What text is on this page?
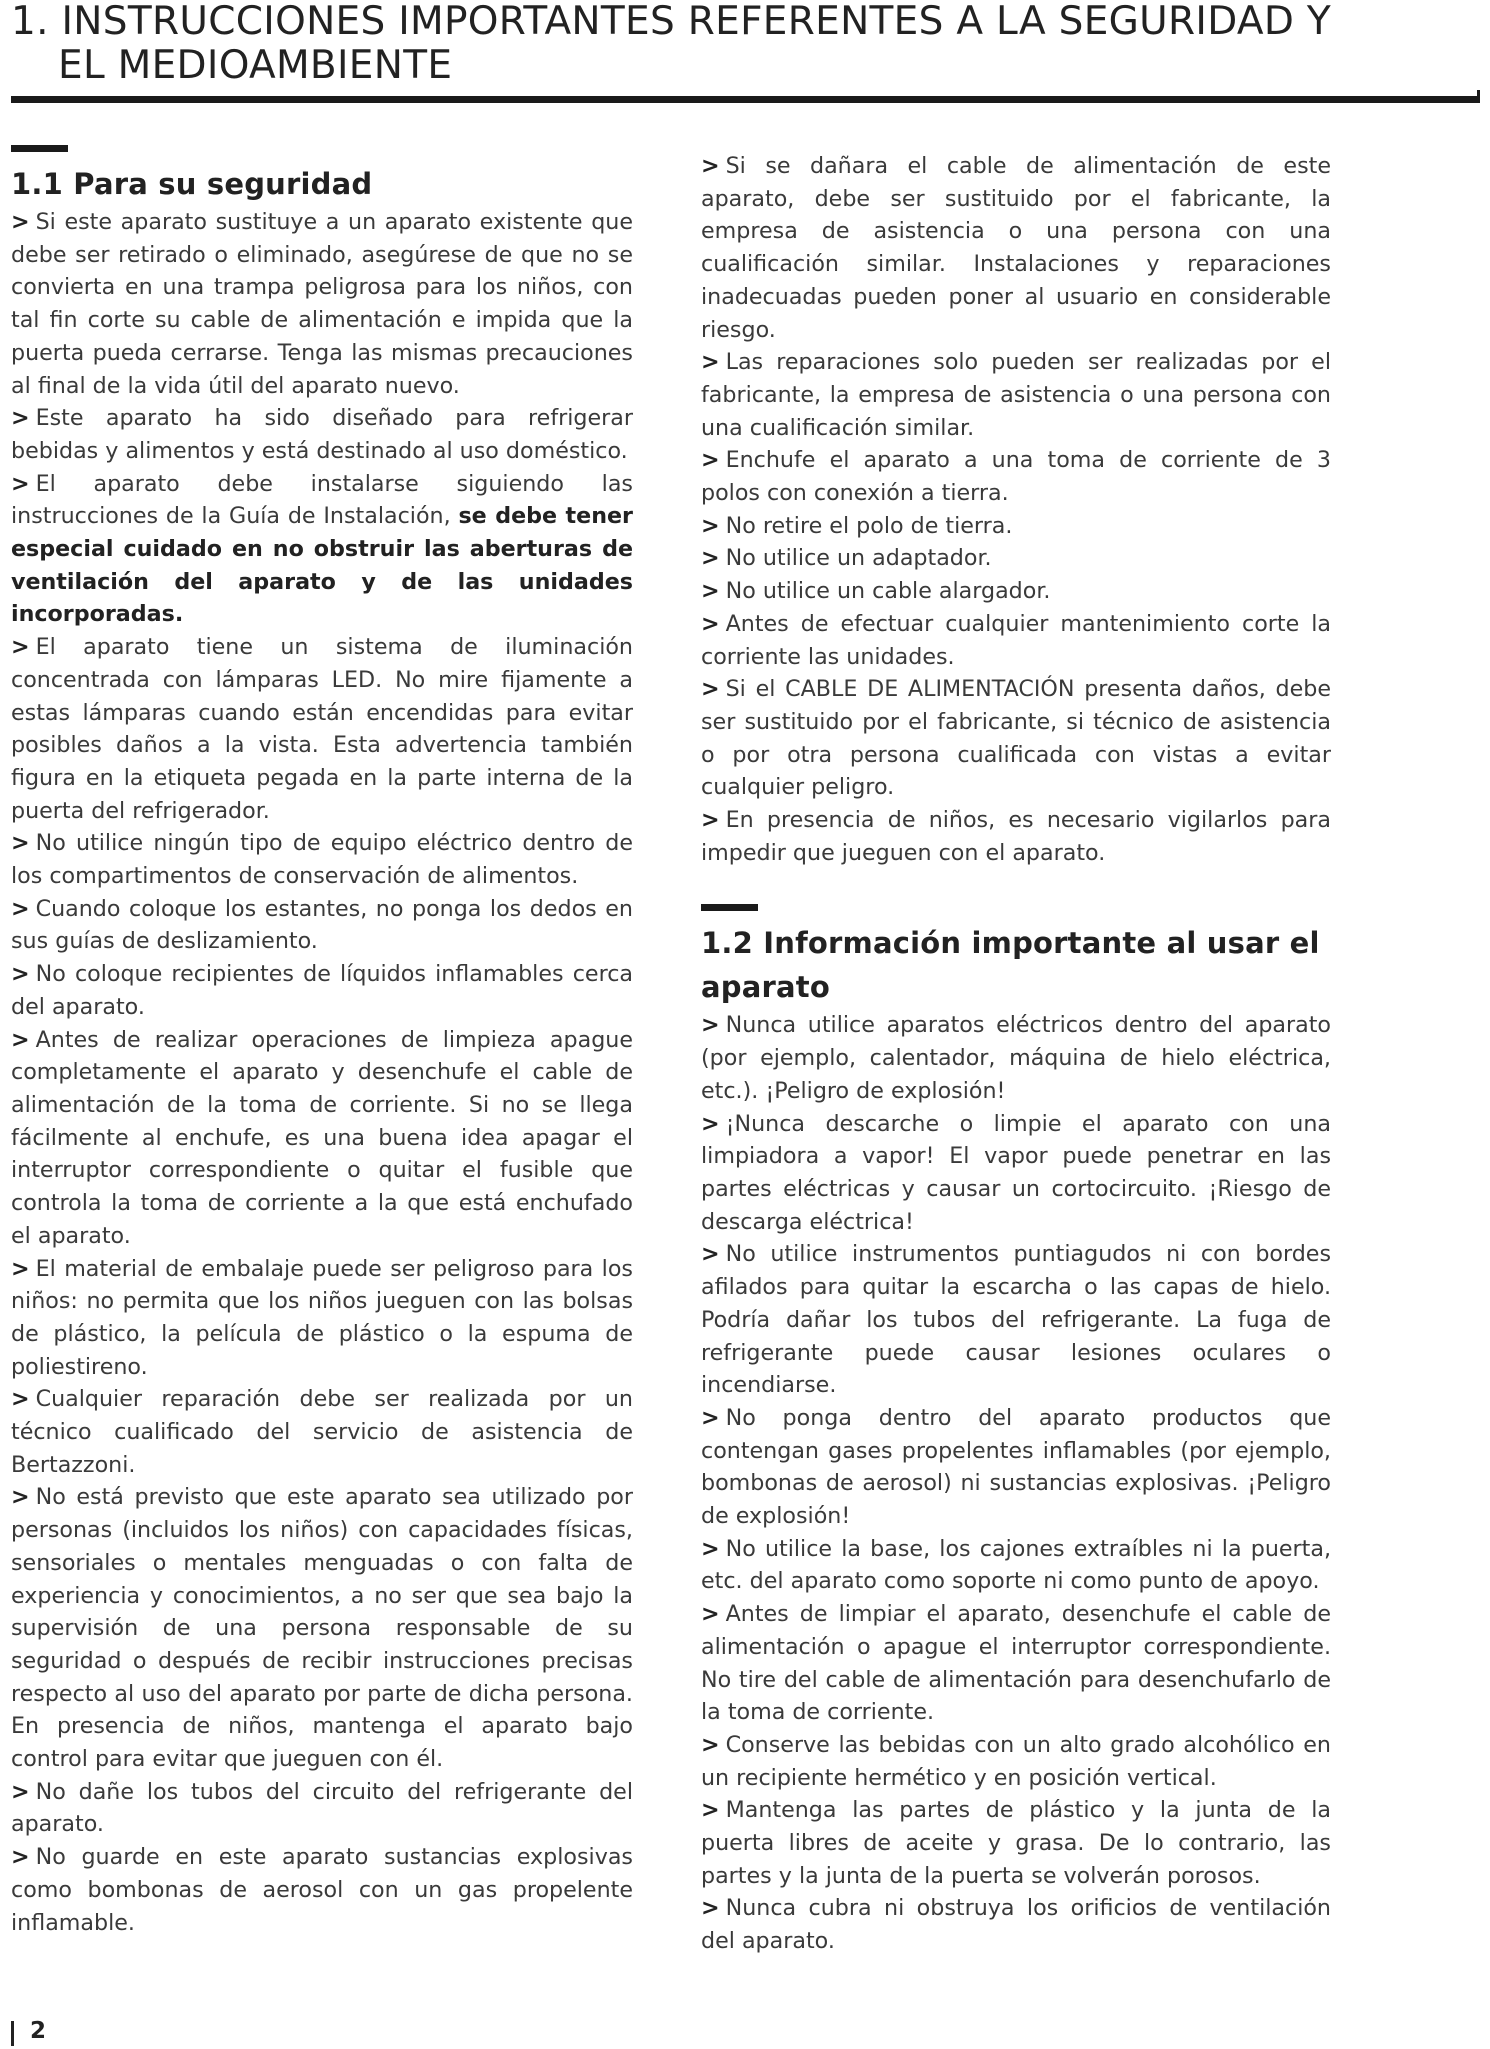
1. INSTRUCCIONES IMPORTANTES REFERENTES A LA SEGURIDAD Y
EL MEDIOAMBIENTE
1.1 Para su seguridad

> Si este aparato sustituye a un aparato existente que debe ser retirado o eliminado, asegúrese de que no se convierta en una trampa peligrosa para los niños, con tal fin corte su cable de alimentación e impida que la puerta pueda cerrarse. Tenga las mismas precauciones al final de la vida útil del aparato nuevo.

> Este aparato ha sido diseñado para refrigerar bebidas y alimentos y está destinado al uso doméstico.

> El aparato debe instalarse siguiendo las instrucciones de la Guía de Instalación, se debe tener especial cuidado en no obstruir las aberturas de ventilación del aparato y de las unidades incorporadas.

> El aparato tiene un sistema de iluminación concentrada con lámparas LED. No mire fijamente a estas lámparas cuando están encendidas para evitar posibles daños a la vista. Esta advertencia también figura en la etiqueta pegada en la parte interna de la puerta del refrigerador.

> No utilice ningún tipo de equipo eléctrico dentro de los compartimentos de conservación de alimentos.

> Cuando coloque los estantes, no ponga los dedos en sus guías de deslizamiento.

> No coloque recipientes de líquidos inflamables cerca del aparato.

> Antes de realizar operaciones de limpieza apague completamente el aparato y desenchufe el cable de alimentación de la toma de corriente. Si no se llega fácilmente al enchufe, es una buena idea apagar el interruptor correspondiente o quitar el fusible que controla la toma de corriente a la que está enchufado el aparato.

> El material de embalaje puede ser peligroso para los niños: no permita que los niños jueguen con las bolsas de plástico, la película de plástico o la espuma de poliestireno.

> Cualquier reparación debe ser realizada por un técnico cualificado del servicio de asistencia de Bertazzoni.

> No está previsto que este aparato sea utilizado por personas (incluidos los niños) con capacidades físicas, sensoriales o mentales menguadas o con falta de experiencia y conocimientos, a no ser que sea bajo la supervisión de una persona responsable de su seguridad o después de recibir instrucciones precisas respecto al uso del aparato por parte de dicha persona. En presencia de niños, mantenga el aparato bajo control para evitar que jueguen con él.

> No dañe los tubos del circuito del refrigerante del aparato.

> No guarde en este aparato sustancias explosivas como bombonas de aerosol con un gas propelente inflamable.

> Si se dañara el cable de alimentación de este aparato, debe ser sustituido por el fabricante, la empresa de asistencia o una persona con una cualificación similar. Instalaciones y reparaciones inadecuadas pueden poner al usuario en considerable riesgo.

> Las reparaciones solo pueden ser realizadas por el fabricante, la empresa de asistencia o una persona con una cualificación similar.

> Enchufe el aparato a una toma de corriente de 3 polos con conexión a tierra.

> No retire el polo de tierra.

> No utilice un adaptador.

> No utilice un cable alargador.

> Antes de efectuar cualquier mantenimiento corte la corriente las unidades.

> Si el CABLE DE ALIMENTACIÓN presenta daños, debe ser sustituido por el fabricante, si técnico de asistencia o por otra persona cualificada con vistas a evitar cualquier peligro.

> En presencia de niños, es necesario vigilarlos para impedir que jueguen con el aparato.

1.2 Información importante al usar el aparato

> Nunca utilice aparatos eléctricos dentro del aparato (por ejemplo, calentador, máquina de hielo eléctrica, etc.). ¡Peligro de explosión!

> ¡Nunca descarche o limpie el aparato con una limpiadora a vapor! El vapor puede penetrar en las partes eléctricas y causar un cortocircuito. ¡Riesgo de descarga eléctrica!

> No utilice instrumentos puntiagudos ni con bordes afilados para quitar la escarcha o las capas de hielo. Podría dañar los tubos del refrigerante. La fuga de refrigerante puede causar lesiones oculares o incendiarse.

> No ponga dentro del aparato productos que contengan gases propelentes inflamables (por ejemplo, bombonas de aerosol) ni sustancias explosivas. ¡Peligro de explosión!

> No utilice la base, los cajones extraíbles ni la puerta, etc. del aparato como soporte ni como punto de apoyo.

> Antes de limpiar el aparato, desenchufe el cable de alimentación o apague el interruptor correspondiente. No tire del cable de alimentación para desenchufarlo de la toma de corriente.

> Conserve las bebidas con un alto grado alcohólico en un recipiente hermético y en posición vertical.

> Mantenga las partes de plástico y la junta de la puerta libres de aceite y grasa. De lo contrario, las partes y la junta de la puerta se volverán porosos.

> Nunca cubra ni obstruya los orificios de ventilación del aparato.

2
